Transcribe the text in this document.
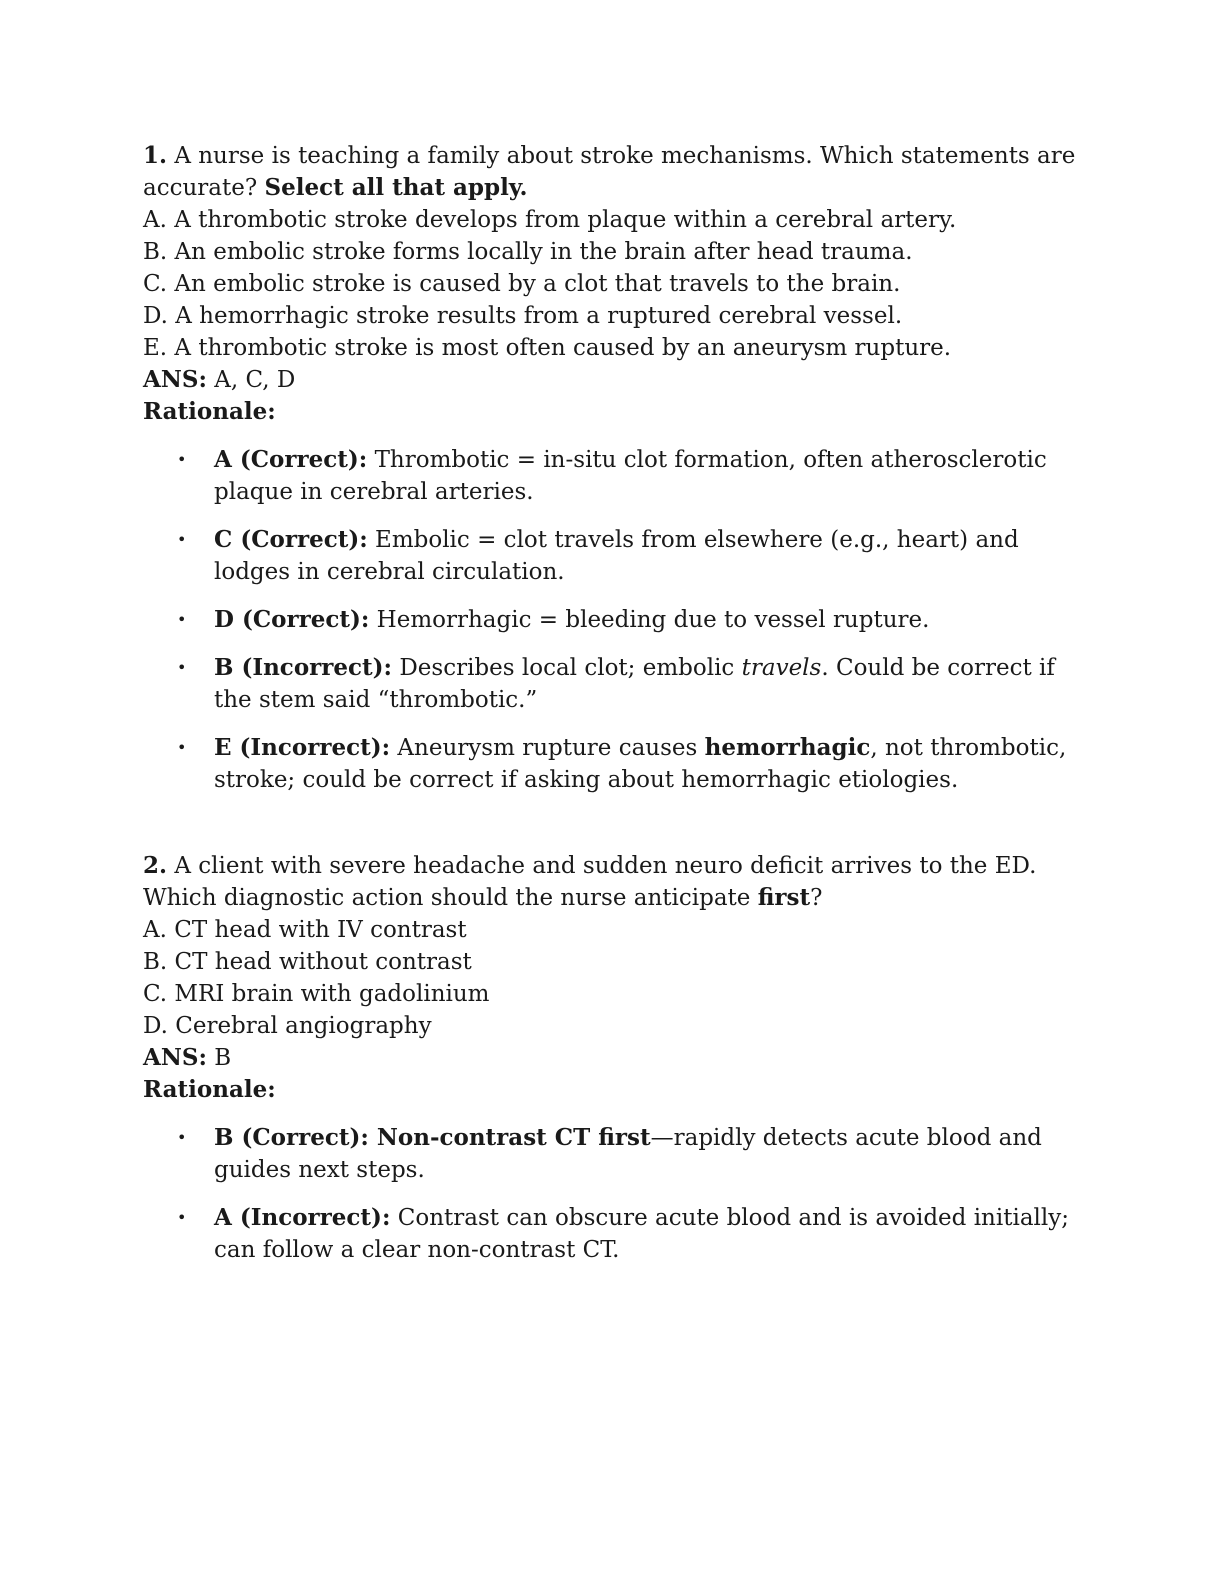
1. A nurse is teaching a family about stroke mechanisms. Which statements are accurate? Select all that apply.

A. A thrombotic stroke develops from plaque within a cerebral artery.

B. An embolic stroke forms locally in the brain after head trauma.

C. An embolic stroke is caused by a clot that travels to the brain.

D. A hemorrhagic stroke results from a ruptured cerebral vessel.

E. A thrombotic stroke is most often caused by an aneurysm rupture.

ANS: A, C, D

Rationale:

• A (Correct): Thrombotic = in-situ clot formation, often atherosclerotic plaque in cerebral arteries.
• C (Correct): Embolic = clot travels from elsewhere (e.g., heart) and lodges in cerebral circulation.
• D (Correct): Hemorrhagic = bleeding due to vessel rupture.
• B (Incorrect): Describes local clot; embolic travels. Could be correct if the stem said “thrombotic.”
• E (Incorrect): Aneurysm rupture causes hemorrhagic, not thrombotic, stroke; could be correct if asking about hemorrhagic etiologies.

2. A client with severe headache and sudden neuro deficit arrives to the ED. Which diagnostic action should the nurse anticipate first?

A. CT head with IV contrast

B. CT head without contrast

C. MRI brain with gadolinium

D. Cerebral angiography

ANS: B

Rationale:

• B (Correct): Non-contrast CT first—rapidly detects acute blood and guides next steps.
• A (Incorrect): Contrast can obscure acute blood and is avoided initially; can follow a clear non-contrast CT.
